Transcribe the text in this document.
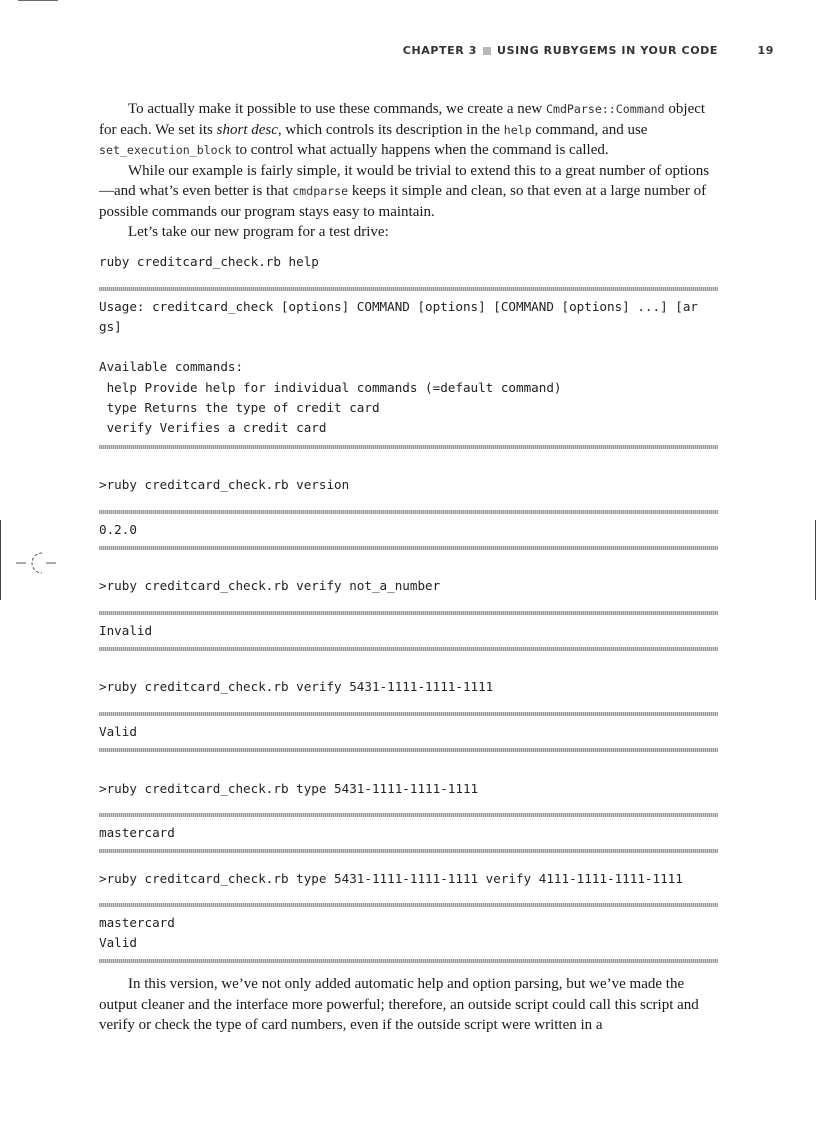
CHAPTER 3 USING RUBYGEMS IN YOUR CODE	19

To actually make it possible to use these commands, we create a new CmdParse::Command object for each. We set its short desc, which controls its description in the help command, and use set_execution_block to control what actually happens when the command is called.

While our example is fairly simple, it would be trivial to extend this to a great number of options—and what’s even better is that cmdparse keeps it simple and clean, so that even at a large number of possible commands our program stays easy to maintain.

Let’s take our new program for a test drive:

ruby creditcard_check.rb help
Usage: creditcard_check [options] COMMAND [options] [COMMAND [options] ...] [ar
gs]
Available commands:
help Provide help for individual commands (=default command)
type Returns the type of credit card
verify Verifies a credit card
>ruby creditcard_check.rb version
0.2.0
>ruby creditcard_check.rb verify not_a_number
Invalid
>ruby creditcard_check.rb verify 5431-1111-1111-1111
Valid
>ruby creditcard_check.rb type 5431-1111-1111-1111
mastercard
>ruby creditcard_check.rb type 5431-1111-1111-1111 verify 4111-1111-1111-1111
mastercard
Valid

In this version, we’ve not only added automatic help and option parsing, but we’ve made the output cleaner and the interface more powerful; therefore, an outside script could call this script and verify or check the type of card numbers, even if the outside script were written in a
